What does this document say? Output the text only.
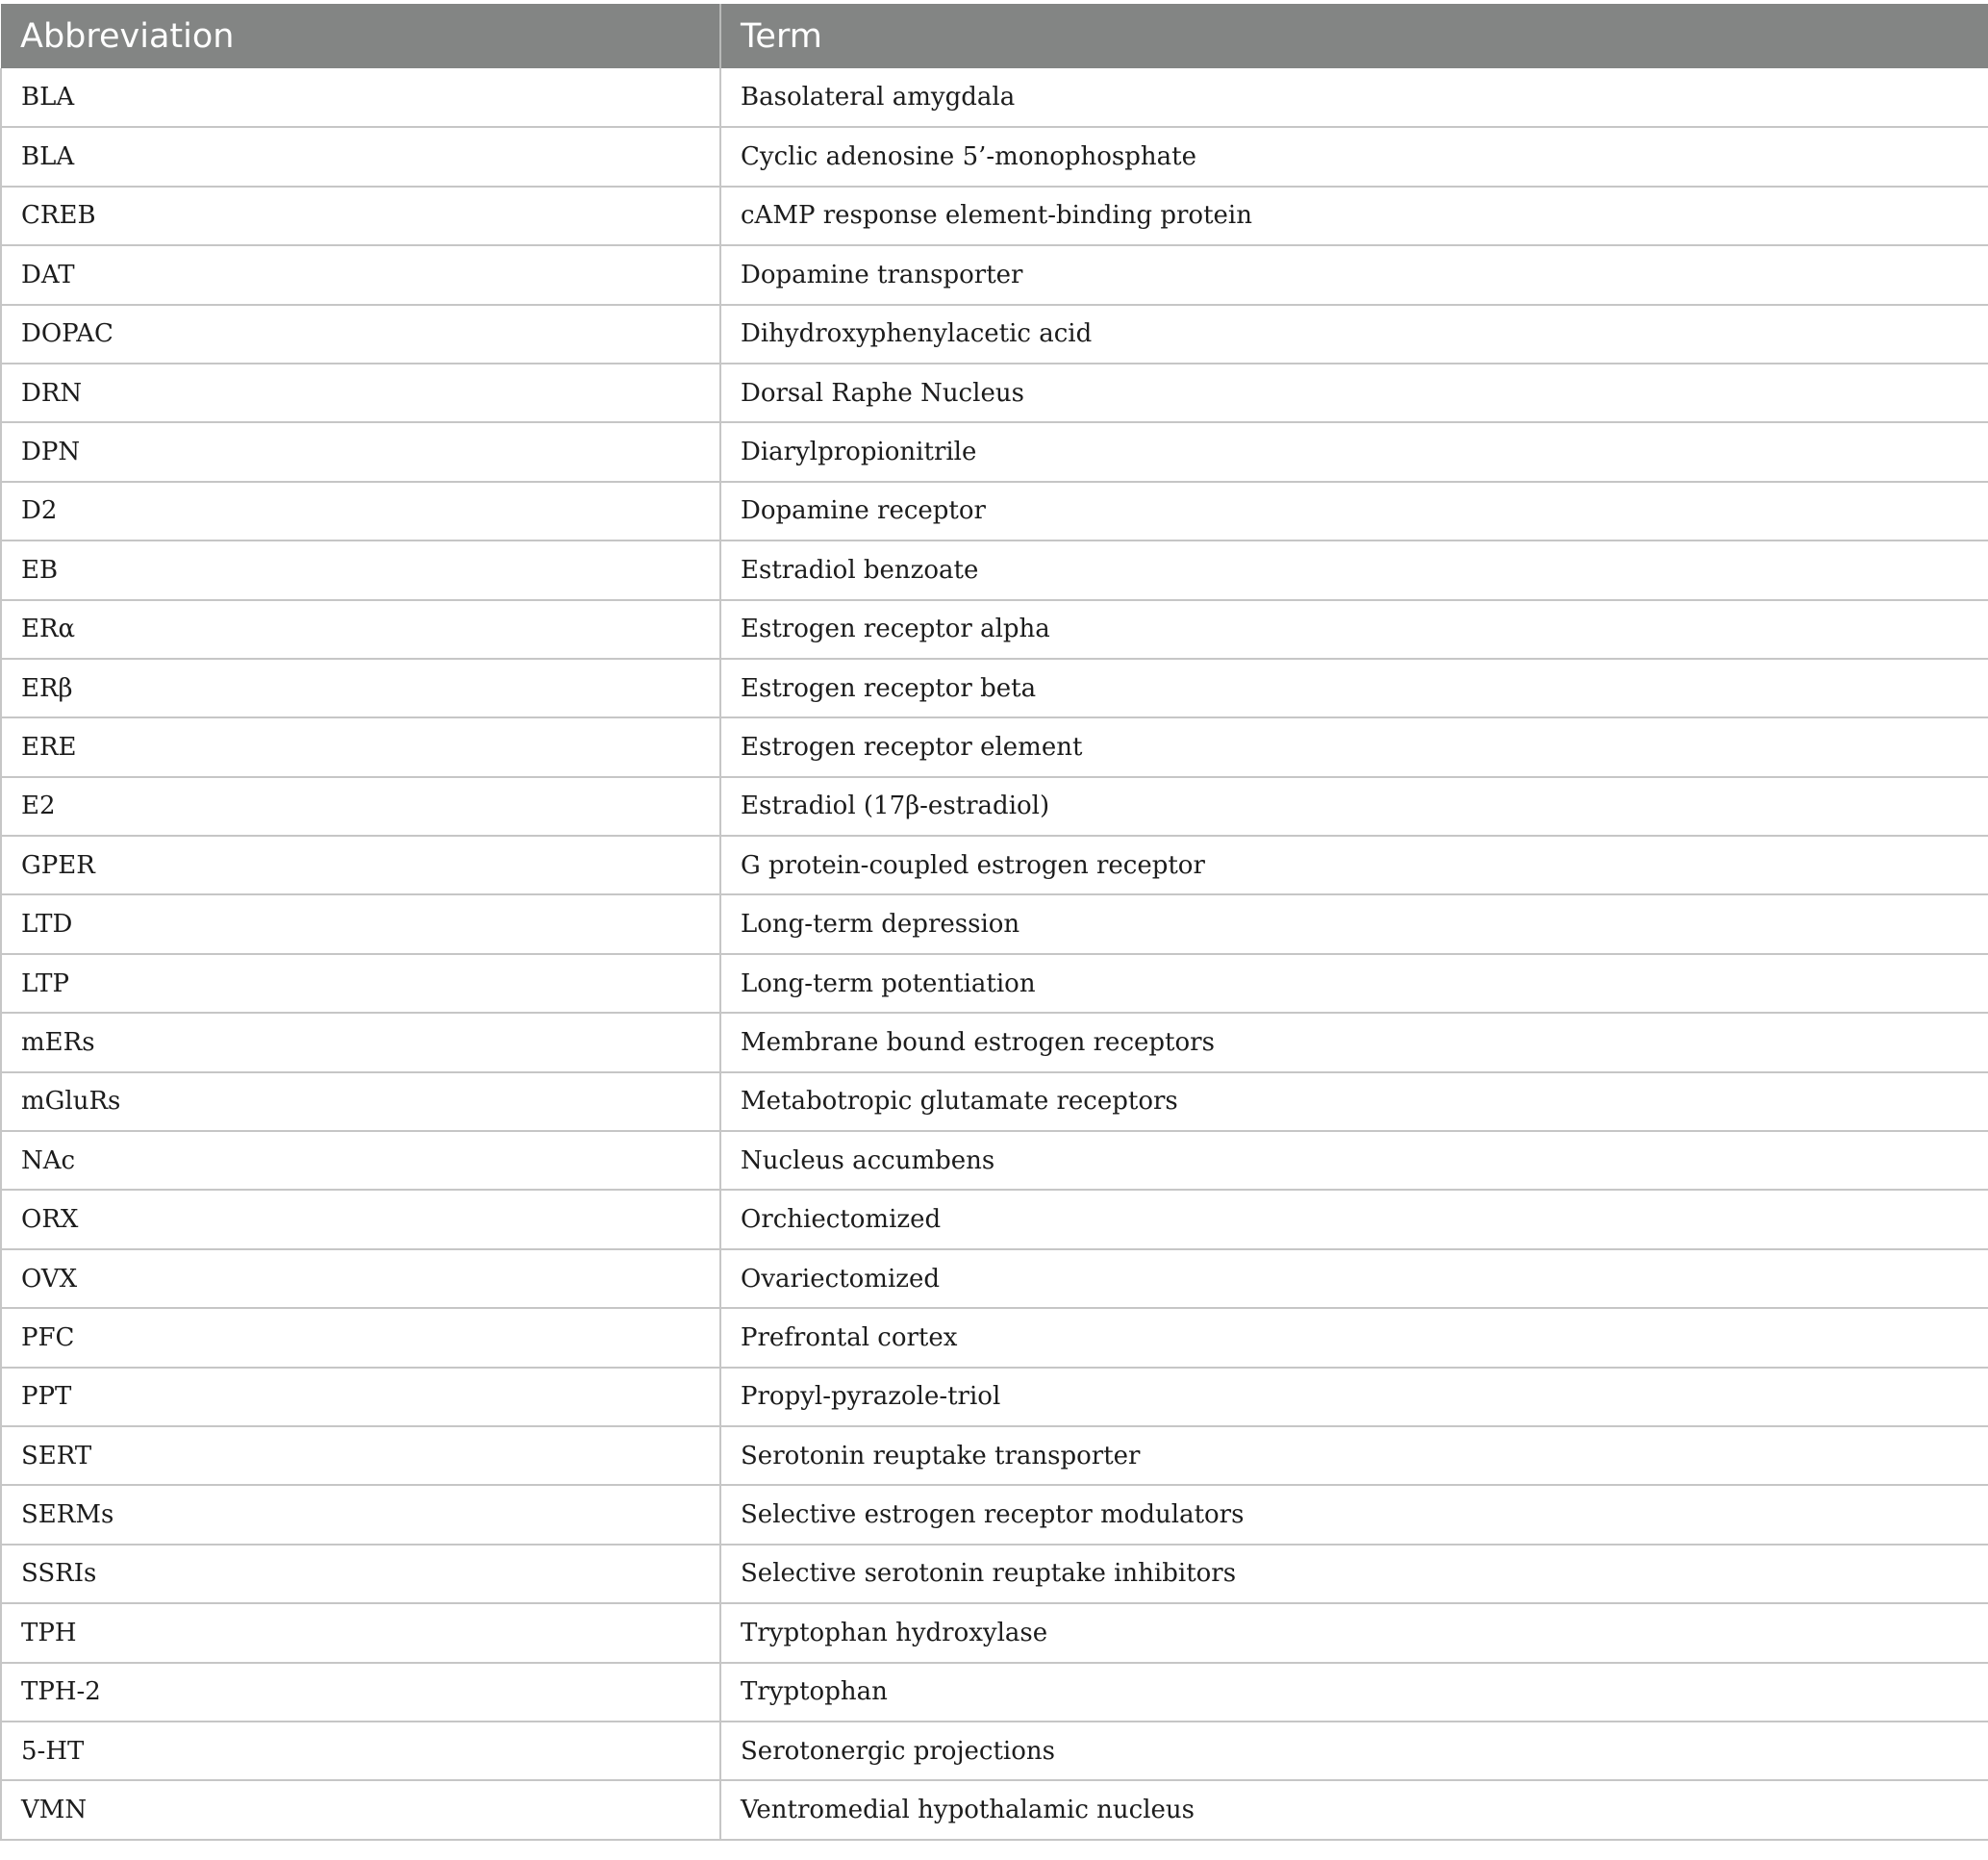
Abbreviation	Term
BLA	Basolateral amygdala
BLA	Cyclic adenosine 5’-monophosphate
CREB	cAMP response element-binding protein
DAT	Dopamine transporter
DOPAC	Dihydroxyphenylacetic acid
DRN	Dorsal Raphe Nucleus
DPN	Diarylpropionitrile
D2	Dopamine receptor
EB	Estradiol benzoate
ERα	Estrogen receptor alpha
ERβ	Estrogen receptor beta
ERE	Estrogen receptor element
E2	Estradiol (17β-estradiol)
GPER	G protein-coupled estrogen receptor
LTD	Long-term depression
LTP	Long-term potentiation
mERs	Membrane bound estrogen receptors
mGluRs	Metabotropic glutamate receptors
NAc	Nucleus accumbens
ORX	Orchiectomized
OVX	Ovariectomized
PFC	Prefrontal cortex
PPT	Propyl-pyrazole-triol
SERT	Serotonin reuptake transporter
SERMs	Selective estrogen receptor modulators
SSRIs	Selective serotonin reuptake inhibitors
TPH	Tryptophan hydroxylase
TPH-2	Tryptophan
5-HT	Serotonergic projections
VMN	Ventromedial hypothalamic nucleus
